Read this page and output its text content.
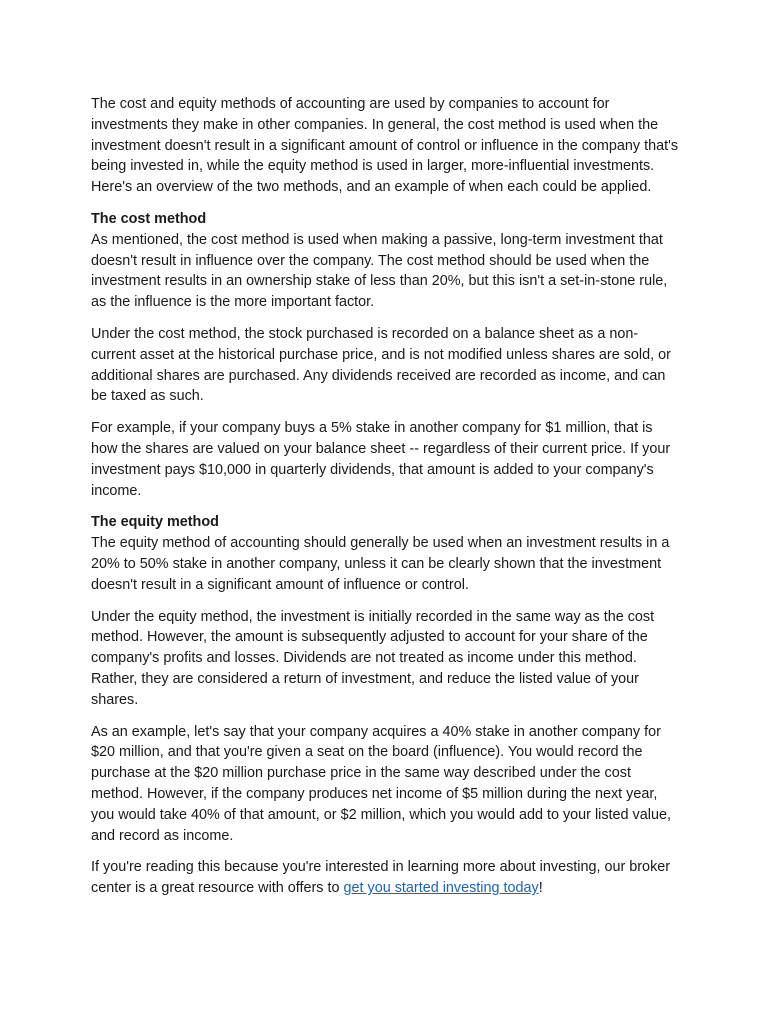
The cost and equity methods of accounting are used by companies to account for investments they make in other companies. In general, the cost method is used when the investment doesn't result in a significant amount of control or influence in the company that's being invested in, while the equity method is used in larger, more-influential investments. Here's an overview of the two methods, and an example of when each could be applied.

The cost method

As mentioned, the cost method is used when making a passive, long-term investment that doesn't result in influence over the company. The cost method should be used when the investment results in an ownership stake of less than 20%, but this isn't a set-in-stone rule, as the influence is the more important factor.

Under the cost method, the stock purchased is recorded on a balance sheet as a non-current asset at the historical purchase price, and is not modified unless shares are sold, or additional shares are purchased. Any dividends received are recorded as income, and can be taxed as such.

For example, if your company buys a 5% stake in another company for $1 million, that is how the shares are valued on your balance sheet -- regardless of their current price. If your investment pays $10,000 in quarterly dividends, that amount is added to your company's income.

The equity method

The equity method of accounting should generally be used when an investment results in a 20% to 50% stake in another company, unless it can be clearly shown that the investment doesn't result in a significant amount of influence or control.

Under the equity method, the investment is initially recorded in the same way as the cost method. However, the amount is subsequently adjusted to account for your share of the company's profits and losses. Dividends are not treated as income under this method. Rather, they are considered a return of investment, and reduce the listed value of your shares.

As an example, let's say that your company acquires a 40% stake in another company for $20 million, and that you're given a seat on the board (influence). You would record the purchase at the $20 million purchase price in the same way described under the cost method. However, if the company produces net income of $5 million during the next year, you would take 40% of that amount, or $2 million, which you would add to your listed value, and record as income.

If you're reading this because you're interested in learning more about investing, our broker center is a great resource with offers to get you started investing today!
